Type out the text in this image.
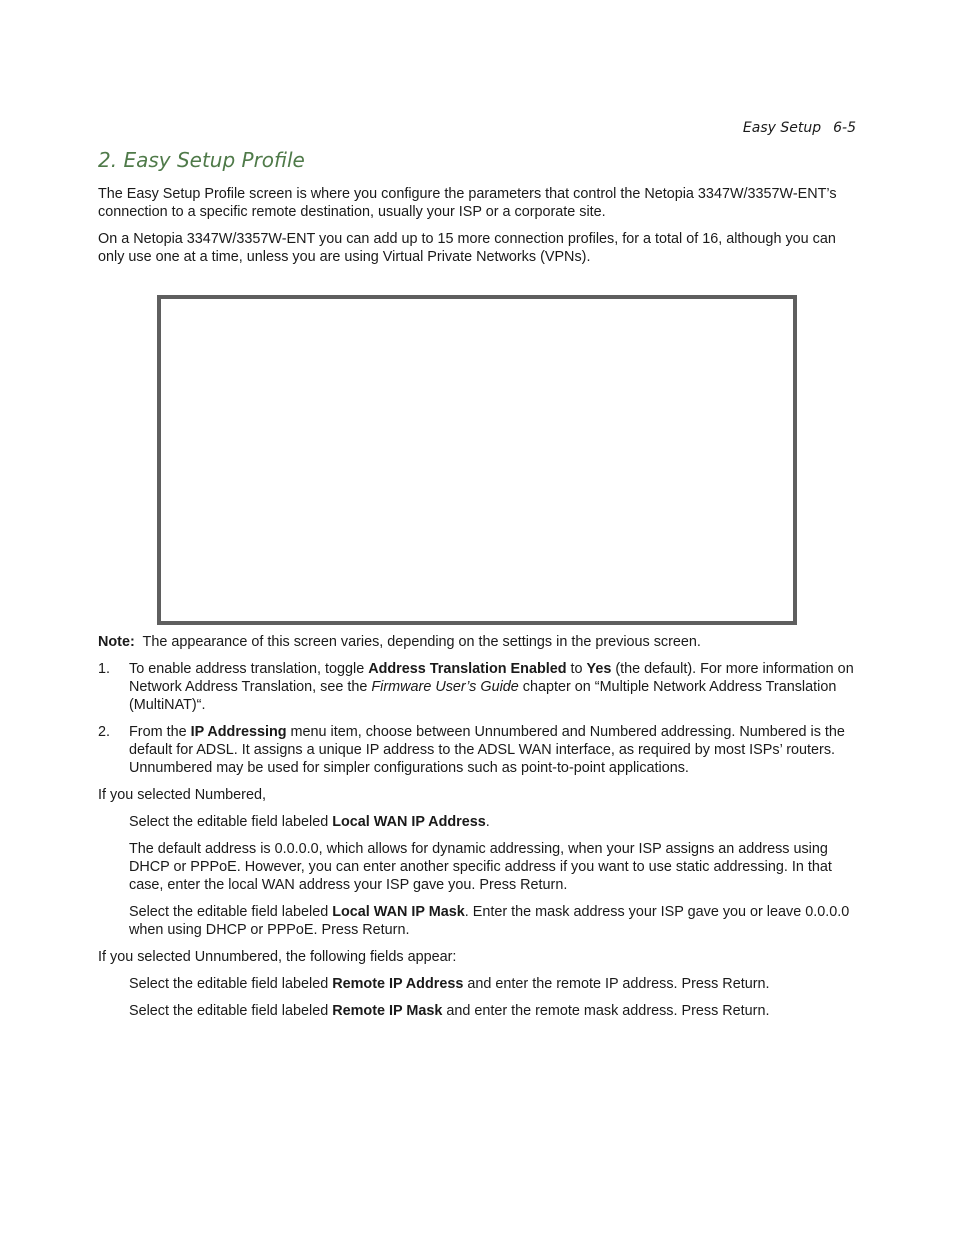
Easy Setup 6-5
2. Easy Setup Profile

The Easy Setup Profile screen is where you configure the parameters that control the Netopia 3347W/3357W-ENT’s connection to a specific remote destination, usually your ISP or a corporate site.

On a Netopia 3347W/3357W-ENT you can add up to 15 more connection profiles, for a total of 16, although you can only use one at a time, unless you are using Virtual Private Networks (VPNs).

Note: The appearance of this screen varies, depending on the settings in the previous screen.

1. To enable address translation, toggle Address Translation Enabled to Yes (the default). For more information on Network Address Translation, see the Firmware User’s Guide chapter on “Multiple Network Address Translation (MultiNAT)“.
2. From the IP Addressing menu item, choose between Unnumbered and Numbered addressing. Numbered is the default for ADSL. It assigns a unique IP address to the ADSL WAN interface, as required by most ISPs’ routers. Unnumbered may be used for simpler configurations such as point-to-point applications.

If you selected Numbered,

Select the editable field labeled Local WAN IP Address.

The default address is 0.0.0.0, which allows for dynamic addressing, when your ISP assigns an address using DHCP or PPPoE. However, you can enter another specific address if you want to use static addressing. In that case, enter the local WAN address your ISP gave you. Press Return.

Select the editable field labeled Local WAN IP Mask. Enter the mask address your ISP gave you or leave 0.0.0.0 when using DHCP or PPPoE. Press Return.

If you selected Unnumbered, the following fields appear:

Select the editable field labeled Remote IP Address and enter the remote IP address. Press Return.

Select the editable field labeled Remote IP Mask and enter the remote mask address. Press Return.
